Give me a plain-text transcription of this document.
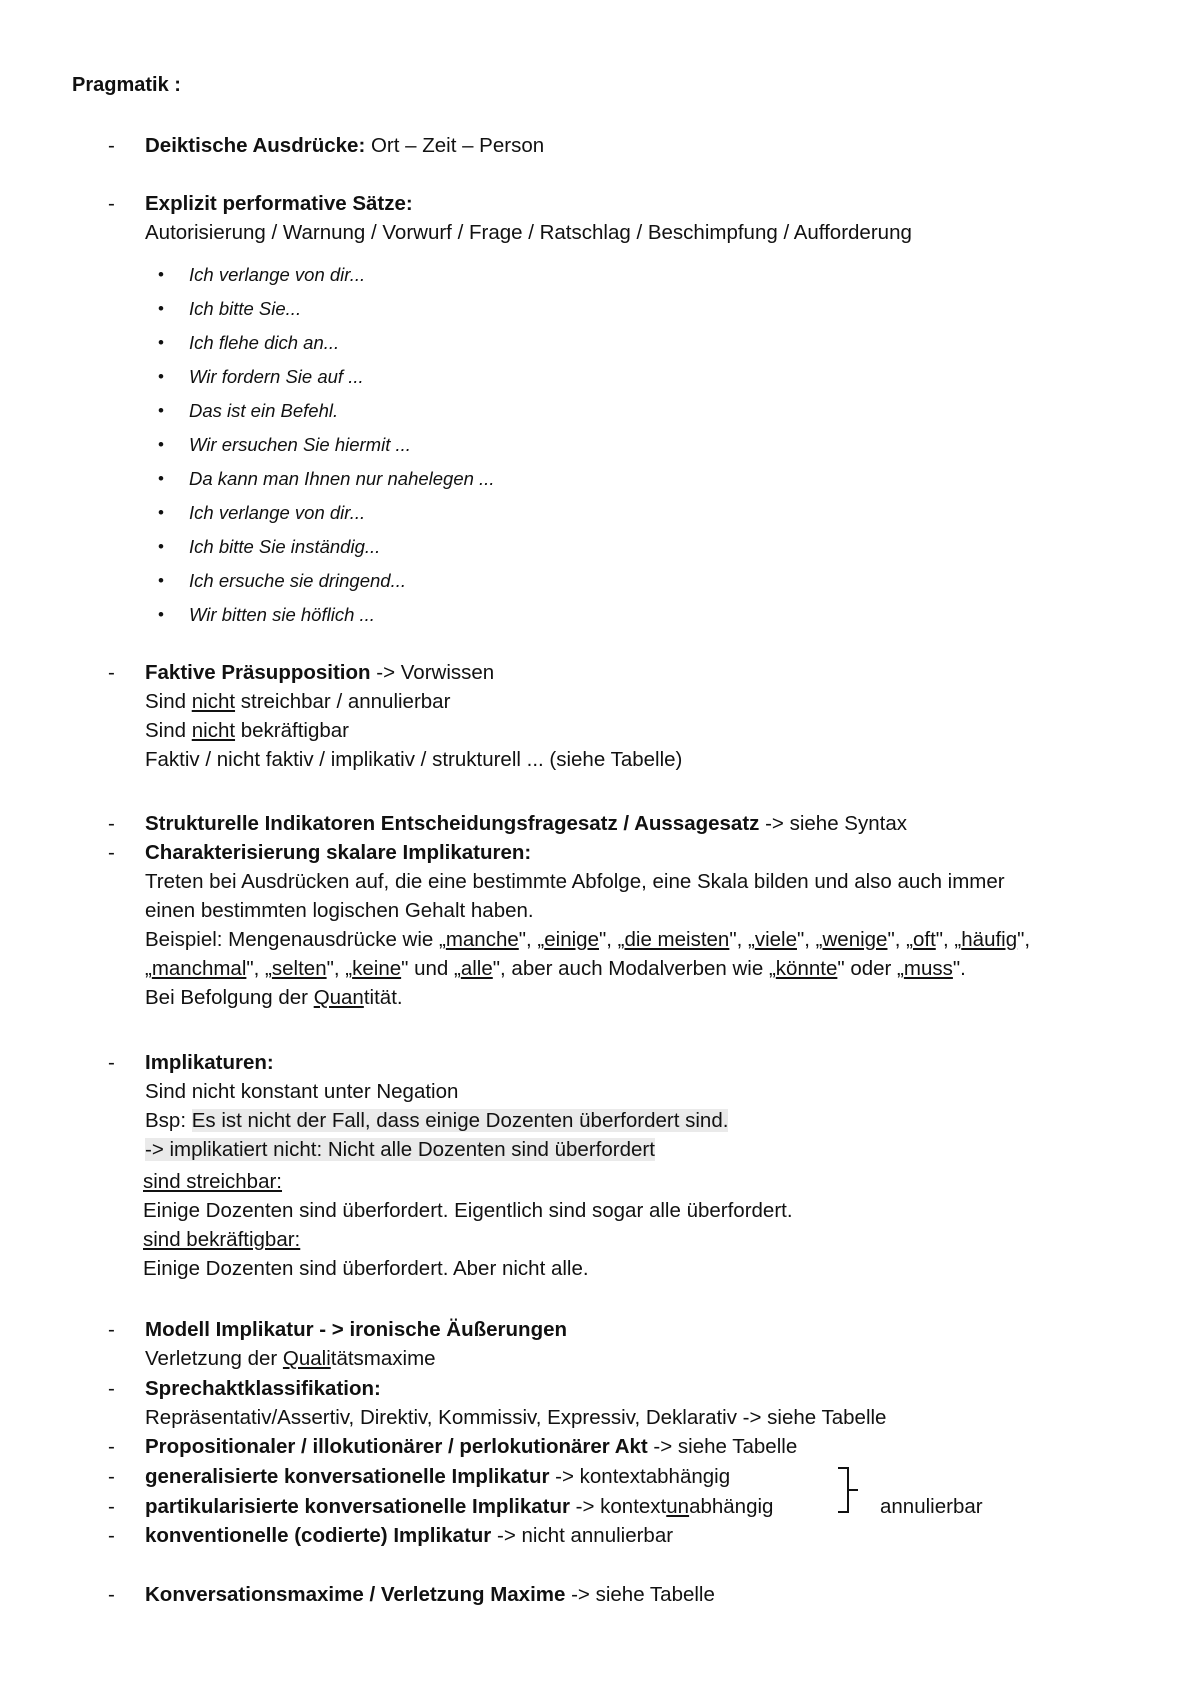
Pragmatik :
-	Deiktische Ausdrücke: Ort – Zeit – Person
-	Explizit performative Sätze:
Autorisierung / Warnung / Vorwurf / Frage / Ratschlag / Beschimpfung / Aufforderung
• Ich verlange von dir...
• Ich bitte Sie...
• Ich flehe dich an...
• Wir fordern Sie auf ...
• Das ist ein Befehl.
• Wir ersuchen Sie hiermit ...
• Da kann man Ihnen nur nahelegen ...
• Ich verlange von dir...
• Ich bitte Sie inständig...
• Ich ersuche sie dringend...
• Wir bitten sie höflich ...
-	Faktive Präsupposition -> Vorwissen
Sind nicht streichbar / annulierbar
Sind nicht bekräftigbar
Faktiv / nicht faktiv / implikativ / strukturell ... (siehe Tabelle)
-	Strukturelle Indikatoren Entscheidungsfragesatz / Aussagesatz -> siehe Syntax
-	Charakterisierung skalare Implikaturen:
Treten bei Ausdrücken auf, die eine bestimmte Abfolge, eine Skala bilden und also auch immer
einen bestimmten logischen Gehalt haben.
Beispiel: Mengenausdrücke wie „manche", „einige", „die meisten", „viele", „wenige", „oft", „häufig",
„manchmal", „selten", „keine" und „alle", aber auch Modalverben wie „könnte" oder „muss".
Bei Befolgung der Quantität.
-	Implikaturen:
Sind nicht konstant unter Negation
Bsp: Es ist nicht der Fall, dass einige Dozenten überfordert sind.
-> implikatiert nicht: Nicht alle Dozenten sind überfordert
sind streichbar:
Einige Dozenten sind überfordert. Eigentlich sind sogar alle überfordert.
sind bekräftigbar:
Einige Dozenten sind überfordert. Aber nicht alle.
-	Modell Implikatur - > ironische Äußerungen
Verletzung der Qualitätsmaxime
-	Sprechaktklassifikation:
Repräsentativ/Assertiv, Direktiv, Kommissiv, Expressiv, Deklarativ -> siehe Tabelle
-	Propositionaler / illokutionärer / perlokutionärer Akt -> siehe Tabelle
-	generalisierte konversationelle Implikatur -> kontextabhängig
-	partikularisierte konversationelle Implikatur -> kontextunabhängig	annulierbar
-	konventionelle (codierte) Implikatur -> nicht annulierbar
-	Konversationsmaxime / Verletzung Maxime -> siehe Tabelle
